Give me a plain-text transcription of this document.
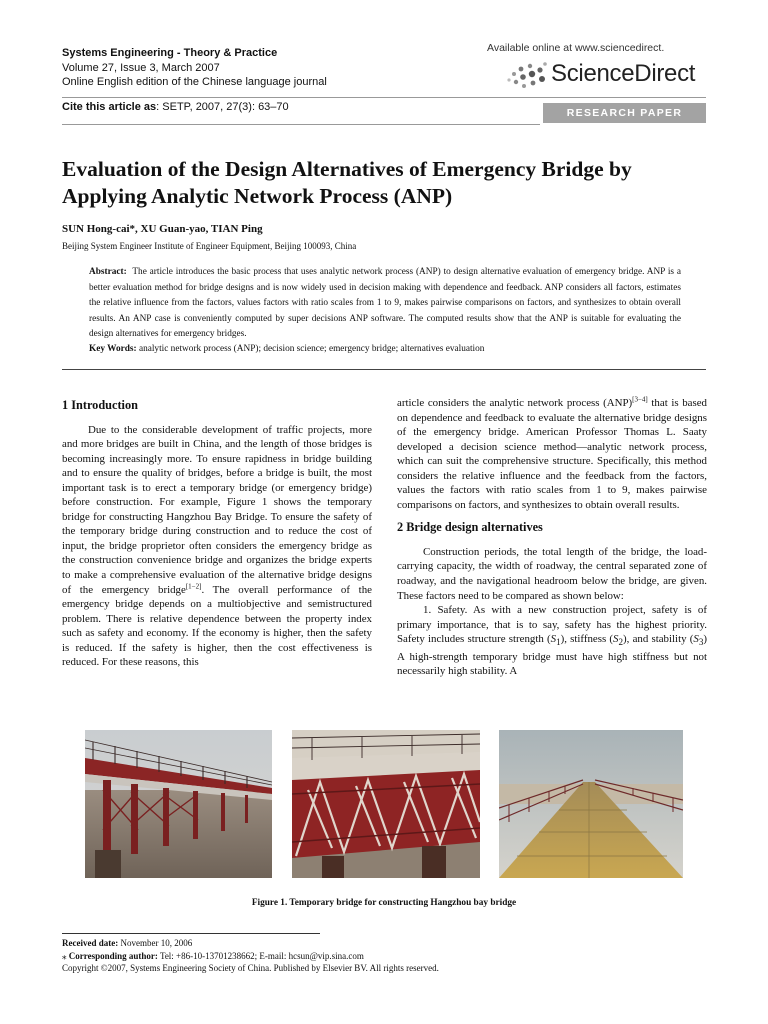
Systems Engineering - Theory & Practice
Volume 27, Issue 3, March 2007
Online English edition of the Chinese language journal
Available online at www.sciencedirect.
ScienceDirect
Cite this article as: SETP, 2007, 27(3): 63–70	RESEARCH PAPER
Evaluation of the Design Alternatives of Emergency Bridge by Applying Analytic Network Process (ANP)
SUN Hong-cai*, XU Guan-yao, TIAN Ping
Beijing System Engineer Institute of Engineer Equipment, Beijing 100093, China
Abstract: The article introduces the basic process that uses analytic network process (ANP) to design alternative evaluation of emergency bridge. ANP is a better evaluation method for bridge designs and is now widely used in decision making with dependence and feedback. ANP considers all factors, estimates the relative influence from the factors, values factors with ratio scales from 1 to 9, makes pairwise comparisons on factors, and synthesizes to obtain overall results. An ANP case is conveniently computed by super decisions ANP software. The computed results show that the ANP is suitable for evaluating the design alternatives for emergency bridges.
Key Words: analytic network process (ANP); decision science; emergency bridge; alternatives evaluation
1 Introduction

Due to the considerable development of traffic projects, more and more bridges are built in China, and the length of those bridges is becoming increasingly more. To ensure rapidness in bridge building and to ensure the quality of bridges, before a bridge is built, the most important task is to erect a temporary bridge (or emergency bridge) before construction. For example, Figure 1 shows the temporary bridge for constructing Hangzhou Bay Bridge. To ensure the safety of the temporary bridge during construction and to reduce the cost of input, the bridge proprietor often considers the emergency bridge as the construction convenience bridge and organizes the bridge experts to make a comprehensive evaluation of the alternative bridge designs of the emergency bridge[1−2]. The overall performance of the emergency bridge depends on a multiobjective and semistructured problem. There is relative dependence between the property index such as safety and economy. If the economy is higher, then the safety is reduced. If the safety is higher, then the cost effectiveness is reduced. For these reasons, this

article considers the analytic network process (ANP)[3−4] that is based on dependence and feedback to evaluate the alternative bridge designs of the emergency bridge. American Professor Thomas L. Saaty developed a decision science method—analytic network process, which can suit the comprehensive structure. Specifically, this method considers the relative influence and the feedback from the factors, values the factors with ratio scales from 1 to 9, makes pairwise comparisons on factors, and synthesizes to obtain overall results.

2 Bridge design alternatives

Construction periods, the total length of the bridge, the load-carrying capacity, the width of roadway, the central separated zone of roadway, and the navigational headroom below the bridge, are given. These factors need to be compared as shown below:

1. Safety. As with a new construction project, safety is of primary importance, that is to say, safety has the highest priority. Safety includes structure strength $(S_1)$, stiffness $(S_2)$, and stability $(S_3)$ A high-strength temporary bridge must have high stiffness but not necessarily high stability. A

Figure 1. Temporary bridge for constructing Hangzhou bay bridge
Received date: November 10, 2006
⁎ Corresponding author: Tel: +86-10-13701238662; E-mail: hcsun@vip.sina.com
Copyright ©2007, Systems Engineering Society of China. Published by Elsevier BV. All rights reserved.
